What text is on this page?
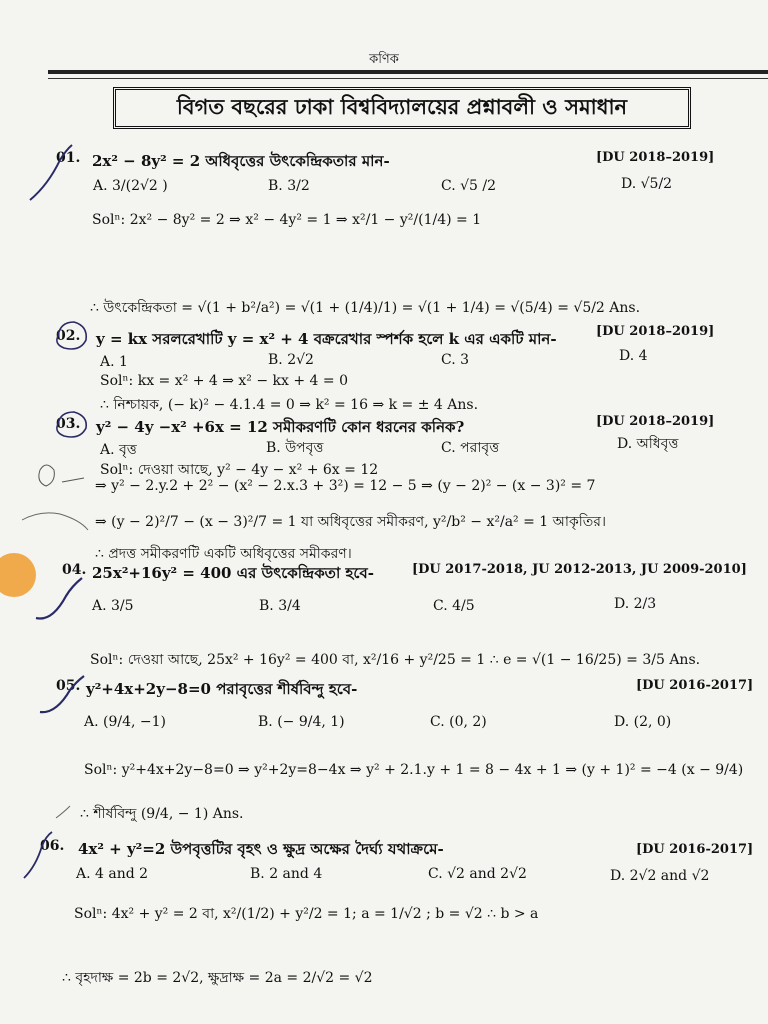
কণিক
বিগত বছরের ঢাকা বিশ্ববিদ্যালয়ের প্রশ্নাবলী ও সমাধান
01. 2x² − 8y² = 2 অধিবৃত্তের উৎকেন্দ্রিকতার মান-	[DU 2018–2019]
A. 3/(2√2 )	B. 3/2	C. √5 /2	D. √5/2
Solⁿ: 2x² − 8y² = 2 ⇒ x² − 4y² = 1 ⇒ x²/1 − y²/(1/4) = 1
∴ উৎকেন্দ্রিকতা = √(1 + b²/a²) = √(1 + (1/4)/1) = √(1 + 1/4) = √(5/4) = √5/2 Ans.
02. y = kx সরলরেখাটি y = x² + 4 বক্ররেখার স্পর্শক হলে k এর একটি মান-	[DU 2018–2019]
A. 1	B. 2√2	C. 3	D. 4
Solⁿ: kx = x² + 4 ⇒ x² − kx + 4 = 0
∴ নিশ্চায়ক, (− k)² − 4.1.4 = 0 ⇒ k² = 16 ⇒ k = ± 4 Ans.
03. y² − 4y −x² +6x = 12 সমীকরণটি কোন ধরনের কনিক?	[DU 2018–2019]
A. বৃত্ত	B. উপবৃত্ত	C. পরাবৃত্ত	D. অধিবৃত্ত
Solⁿ: দেওয়া আছে, y² − 4y − x² + 6x = 12
⇒ y² − 2.y.2 + 2² − (x² − 2.x.3 + 3²) = 12 − 5 ⇒ (y − 2)² − (x − 3)² = 7
⇒ (y − 2)²/7 − (x − 3)²/7 = 1 যা অধিবৃত্তের সমীকরণ, y²/b² − x²/a² = 1 আকৃতির।
∴ প্রদত্ত সমীকরণটি একটি অধিবৃত্তের সমীকরণ।
04. 25x²+16y² = 400 এর উৎকেন্দ্রিকতা হবে-	[DU 2017-2018, JU 2012-2013, JU 2009-2010]
A. 3/5	B. 3/4	C. 4/5	D. 2/3
Solⁿ: দেওয়া আছে, 25x² + 16y² = 400 বা, x²/16 + y²/25 = 1 ∴ e = √(1 − 16/25) = 3/5 Ans.
05. y²+4x+2y−8=0 পরাবৃত্তের শীর্ষবিন্দু হবে-	[DU 2016-2017]
A. (9/4, −1)	B. (− 9/4, 1)	C. (0, 2)	D. (2, 0)
Solⁿ: y²+4x+2y−8=0 ⇒ y²+2y=8−4x ⇒ y² + 2.1.y + 1 = 8 − 4x + 1 ⇒ (y + 1)² = −4 (x − 9/4)
∴ শীর্ষবিন্দু (9/4, − 1) Ans.
06. 4x² + y²=2 উপবৃত্তটির বৃহৎ ও ক্ষুদ্র অক্ষের দৈর্ঘ্য যথাক্রমে-	[DU 2016-2017]
A. 4 and 2	B. 2 and 4	C. √2 and 2√2	D. 2√2 and √2
Solⁿ: 4x² + y² = 2 বা, x²/(1/2) + y²/2 = 1; a = 1/√2 ; b = √2 ∴ b > a
∴ বৃহদাক্ষ = 2b = 2√2, ক্ষুদ্রাক্ষ = 2a = 2/√2 = √2
